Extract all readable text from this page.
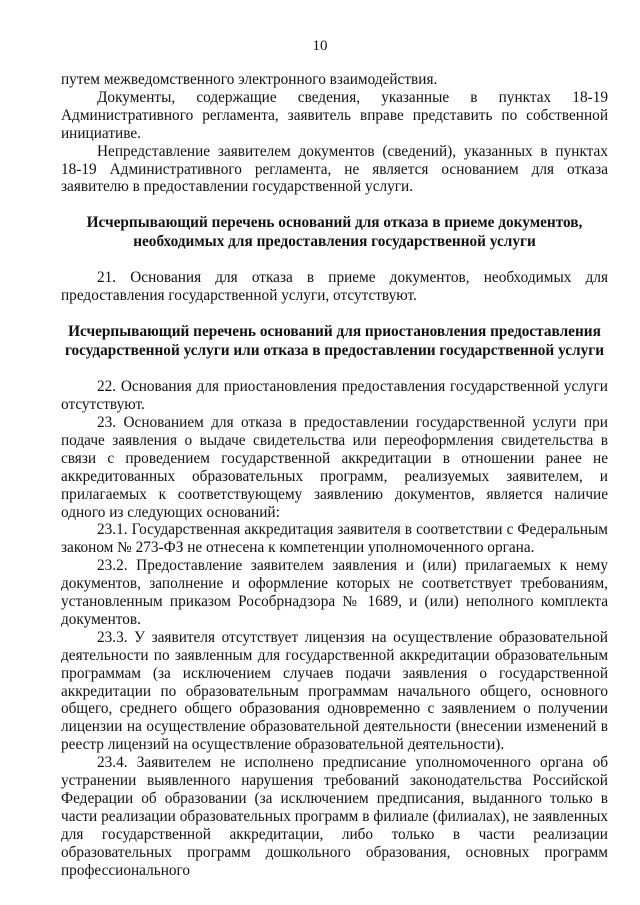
10

путем межведомственного электронного взаимодействия.

Документы, содержащие сведения, указанные в пунктах 18-19 Административного регламента, заявитель вправе представить по собственной инициативе.

Непредставление заявителем документов (сведений), указанных в пунктах 18-19 Административного регламента, не является основанием для отказа заявителю в предоставлении государственной услуги.

Исчерпывающий перечень оснований для отказа в приеме документов, необходимых для предоставления государственной услуги

21. Основания для отказа в приеме документов, необходимых для предоставления государственной услуги, отсутствуют.

Исчерпывающий перечень оснований для приостановления предоставления государственной услуги или отказа в предоставлении государственной услуги

22. Основания для приостановления предоставления государственной услуги отсутствуют.

23. Основанием для отказа в предоставлении государственной услуги при подаче заявления о выдаче свидетельства или переоформления свидетельства в связи с проведением государственной аккредитации в отношении ранее не аккредитованных образовательных программ, реализуемых заявителем, и прилагаемых к соответствующему заявлению документов, является наличие одного из следующих оснований:

23.1. Государственная аккредитация заявителя в соответствии с Федеральным законом № 273-ФЗ не отнесена к компетенции уполномоченного органа.

23.2. Предоставление заявителем заявления и (или) прилагаемых к нему документов, заполнение и оформление которых не соответствует требованиям, установленным приказом Рособрнадзора № 1689, и (или) неполного комплекта документов.

23.3. У заявителя отсутствует лицензия на осуществление образовательной деятельности по заявленным для государственной аккредитации образовательным программам (за исключением случаев подачи заявления о государственной аккредитации по образовательным программам начального общего, основного общего, среднего общего образования одновременно с заявлением о получении лицензии на осуществление образовательной деятельности (внесении изменений в реестр лицензий на осуществление образовательной деятельности).

23.4. Заявителем не исполнено предписание уполномоченного органа об устранении выявленного нарушения требований законодательства Российской Федерации об образовании (за исключением предписания, выданного только в части реализации образовательных программ в филиале (филиалах), не заявленных для государственной аккредитации, либо только в части реализации образовательных программ дошкольного образования, основных программ профессионального
